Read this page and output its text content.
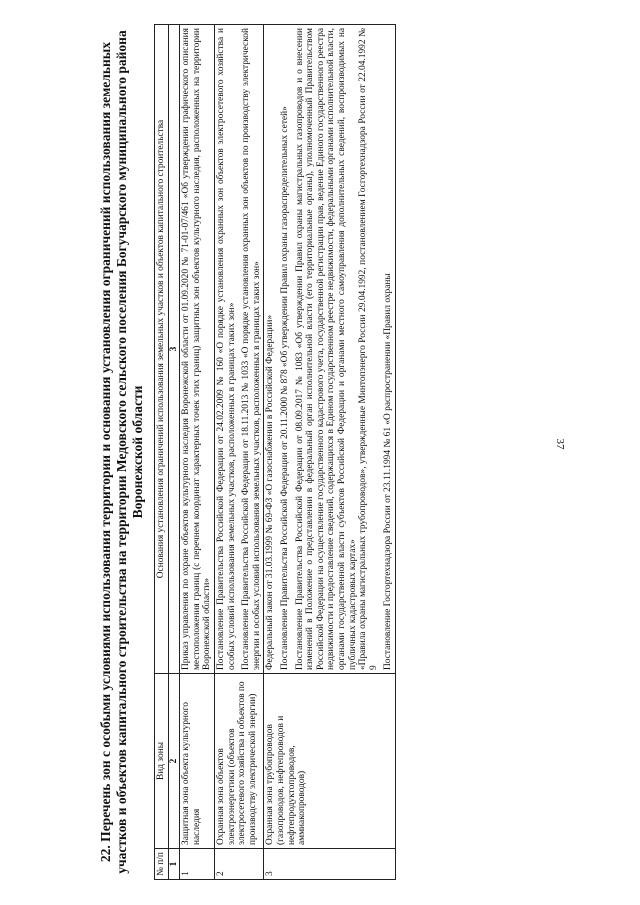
37
22. Перечень зон с особыми условиями использования территории и основания установления ограничений использования земельных участков и объектов капитального строительства на территории Медовского сельского поселения Богучарского муниципального района Воронежской области
№ п/п	Вид зоны	Основания установления ограничений использования земельных участков и объектов капитального строительства
1	2	3
1	Защитная зона объекта культурного наследия	Приказ управления по охране объектов культурного наследия Воронежской области от 01.09.2020 № 71-01-07/461 «Об утверждении графического описания местоположения границ (с перечнем координат характерных точек этих границ) защитных зон объектов культурного наследия, расположенных на территории Воронежской области»

2	Охранная зона объектов электроэнергетики (объектов электросетевого хозяйства и объектов по производству электрической энергии)	Постановление Правительства Российской Федерации от 24.02.2009 № 160 «О порядке установления охранных зон объектов электросетевого хозяйства и особых условий использования земельных участков, расположенных в границах таких зон» Постановление Правительства Российской Федерации от 18.11.2013 № 1033 «О порядке установления охранных зон объектов по производству электрической энергии и особых условий использования земельных участков, расположенных в границах таких зон»

3	Охранная зона трубопроводов (газопроводов, нефтепроводов и нефтепродуктопроводов, аммиакопроводов)	Федеральный закон от 31.03.1999 № 69-ФЗ «О газоснабжении в Российской Федерации» Постановление Правительства Российской Федерации от 20.11.2000 № 878 «Об утверждении Правил охраны газораспределительных сетей» Постановление Правительства Российской Федерации от 08.09.2017 № 1083 «Об утверждении Правил охраны магистральных газопроводов и о внесении изменений в Положение о представлении в федеральный орган исполнительной власти (его территориальные органы), уполномоченный Правительством Российской Федерации на осуществление государственного кадастрового учета, государственной регистрации прав, ведение Единого государственного реестра недвижимости и предоставление сведений, содержащихся в Едином государственном реестре недвижимости, федеральными органами исполнительной власти, органами государственной власти субъектов Российской Федерации и органами местного самоуправления дополнительных сведений, воспроизводимых на публичных кадастровых картах» «Правила охраны магистральных трубопроводов», утвержденные Минтопэнерго России 29.04.1992, постановлением Госгортехнадзора России от 22.04.1992 № 9 Постановление Госгортехнадзора России от 23.11.1994 № 61 «О распространении «Правил охраны
